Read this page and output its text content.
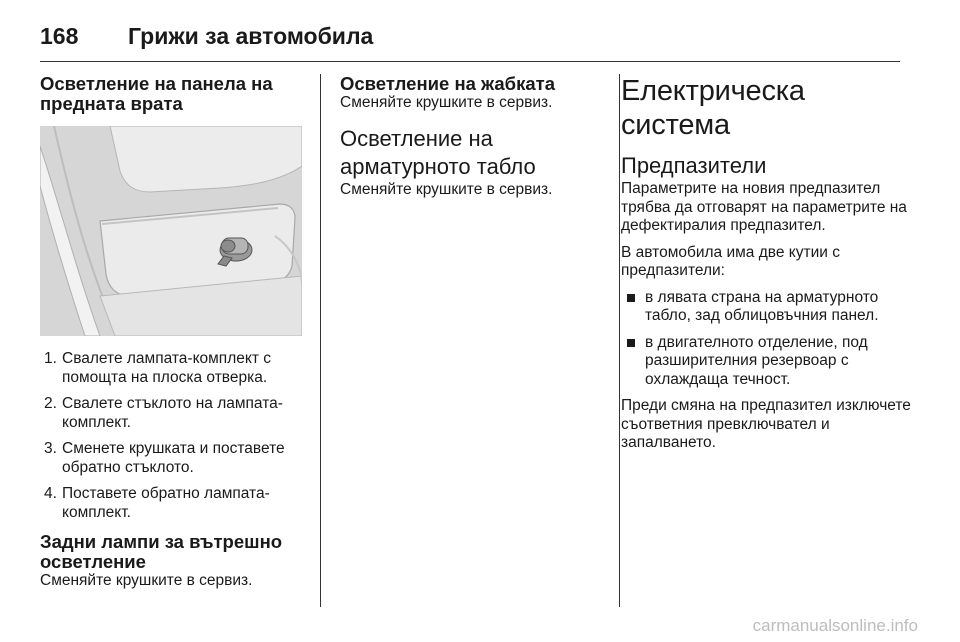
168	Грижи за автомобила
Осветление на панела на предната врата
1. Свалете лампата-комплект с помощта на плоска отверка.
2. Свалете стъклото на лампата-комплект.
3. Сменете крушката и поставете обратно стъклото.
4. Поставете обратно лампата-комплект.
Задни лампи за вътрешно осветление

Сменяйте крушките в сервиз.

Осветление на жабката

Сменяйте крушките в сервиз.

Осветление на арматурното табло

Сменяйте крушките в сервиз.

Електрическа система
Предпазители

Параметрите на новия предпазител трябва да отговарят на параметрите на дефектиралия предпазител.

В автомобила има две кутии с предпазители:

в лявата страна на арматурното табло, зад облицовъчния панел.
в двигателното отделение, под разширителния резервоар с охлаждаща течност.

Преди смяна на предпазител изключете съответния превключвател и запалването.

carmanualsonline.info
